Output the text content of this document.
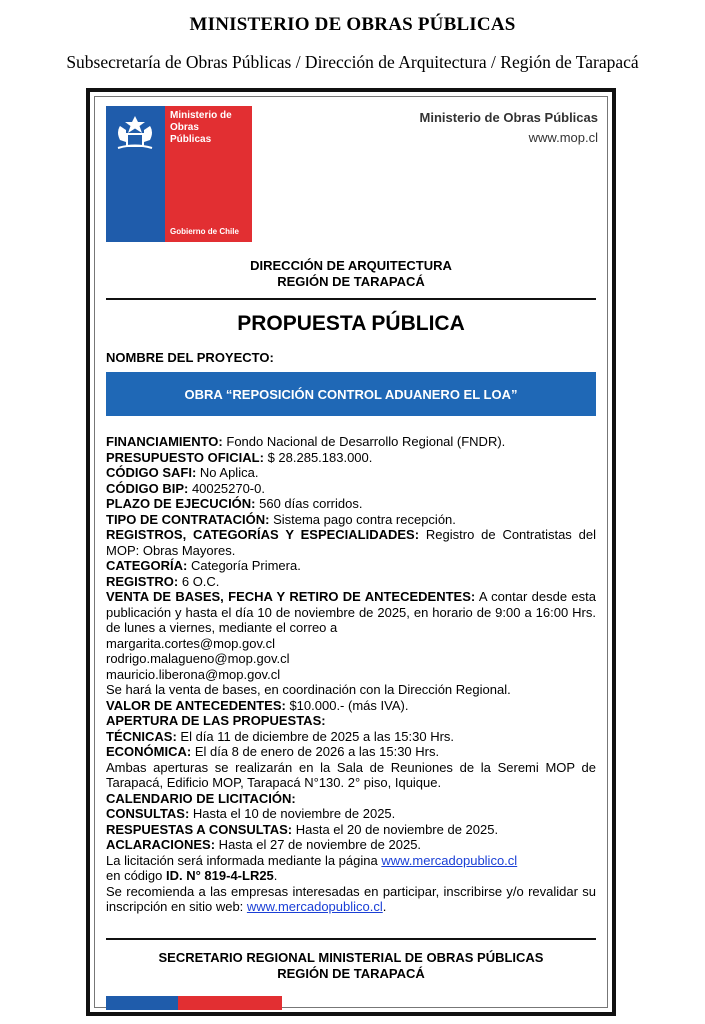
MINISTERIO DE OBRAS PÚBLICAS
Subsecretaría de Obras Públicas / Dirección de Arquitectura / Región de Tarapacá
Ministerio de
Obras
Públicas
Gobierno de Chile
Ministerio de Obras Públicas
www.mop.cl
DIRECCIÓN DE ARQUITECTURA
REGIÓN DE TARAPACÁ
PROPUESTA PÚBLICA
NOMBRE DEL PROYECTO:
OBRA “REPOSICIÓN CONTROL ADUANERO EL LOA”

FINANCIAMIENTO: Fondo Nacional de Desarrollo Regional (FNDR).

PRESUPUESTO OFICIAL: $ 28.285.183.000.

CÓDIGO SAFI: No Aplica.

CÓDIGO BIP: 40025270-0.

PLAZO DE EJECUCIÓN: 560 días corridos.

TIPO DE CONTRATACIÓN: Sistema pago contra recepción.

REGISTROS, CATEGORÍAS Y ESPECIALIDADES: Registro de Contratistas del MOP: Obras Mayores.

CATEGORÍA: Categoría Primera.

REGISTRO: 6 O.C.

VENTA DE BASES, FECHA Y RETIRO DE ANTECEDENTES: A contar desde esta publicación y hasta el día 10 de noviembre de 2025, en horario de 9:00 a 16:00 Hrs. de lunes a viernes, mediante el correo a

margarita.cortes@mop.gov.cl

rodrigo.malagueno@mop.gov.cl

mauricio.liberona@mop.gov.cl

Se hará la venta de bases, en coordinación con la Dirección Regional.

VALOR DE ANTECEDENTES: $10.000.- (más IVA).

APERTURA DE LAS PROPUESTAS:

TÉCNICAS: El día 11 de diciembre de 2025 a las 15:30 Hrs.

ECONÓMICA: El día 8 de enero de 2026 a las 15:30 Hrs.

Ambas aperturas se realizarán en la Sala de Reuniones de la Seremi MOP de Tarapacá, Edificio MOP, Tarapacá N°130. 2° piso, Iquique.

CALENDARIO DE LICITACIÓN:

CONSULTAS: Hasta el 10 de noviembre de 2025.

RESPUESTAS A CONSULTAS: Hasta el 20 de noviembre de 2025.

ACLARACIONES: Hasta el 27 de noviembre de 2025.

La licitación será informada mediante la página www.mercadopublico.cl

en código ID. N° 819-4-LR25.

Se recomienda a las empresas interesadas en participar, inscribirse y/o revalidar su inscripción en sitio web: www.mercadopublico.cl.

SECRETARIO REGIONAL MINISTERIAL DE OBRAS PÚBLICAS
REGIÓN DE TARAPACÁ
